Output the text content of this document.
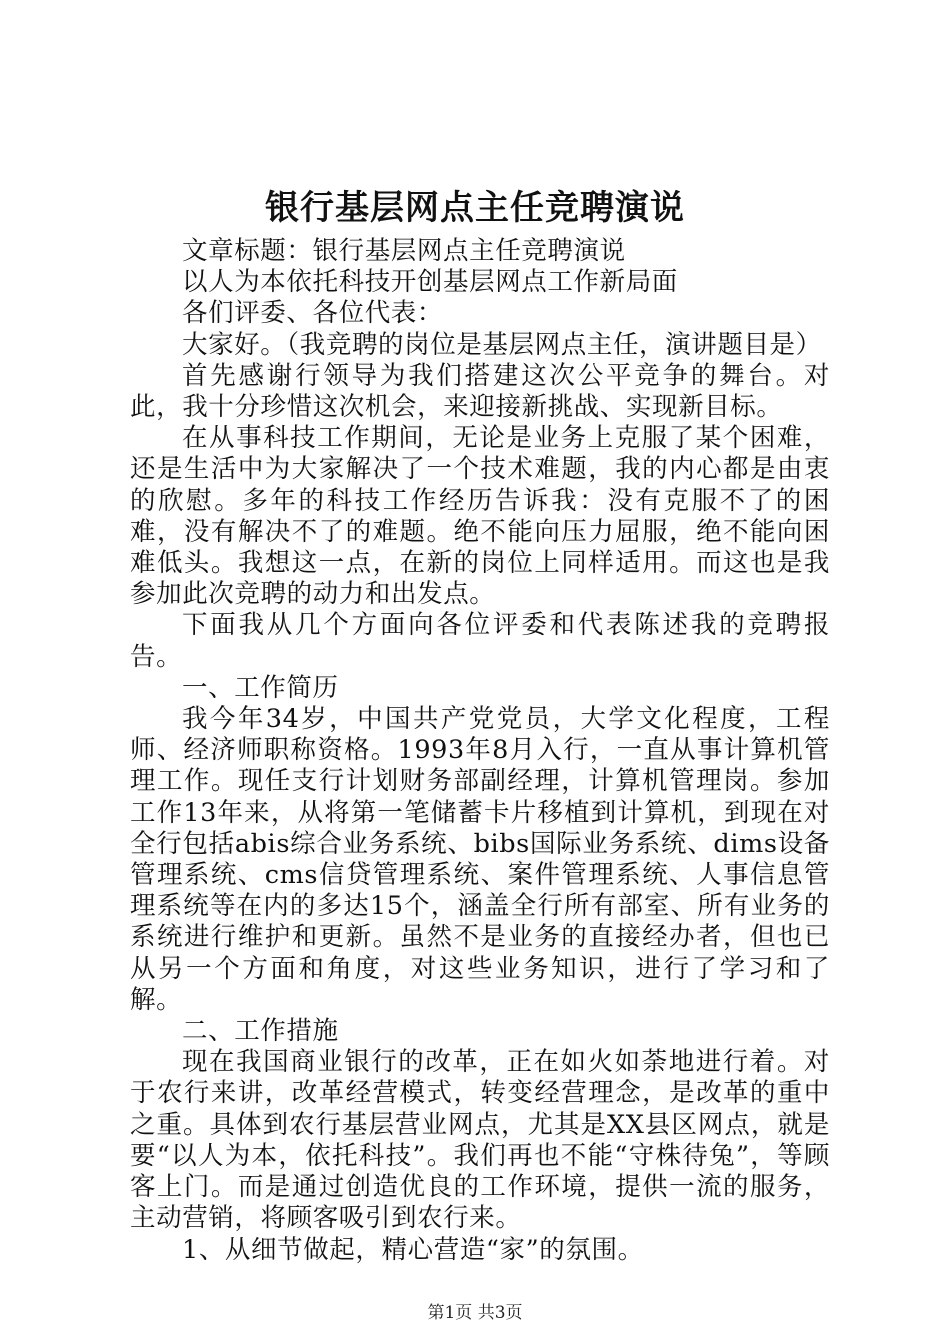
银行基层网点主任竞聘演说

文章标题：银行基层网点主任竞聘演说

以人为本依托科技开创基层网点工作新局面

各们评委、各位代表：

大家好。（我竞聘的岗位是基层网点主任，演讲题目是）

首先感谢行领导为我们搭建这次公平竞争的舞台。对此，我十分珍惜这次机会，来迎接新挑战、实现新目标。

在从事科技工作期间，无论是业务上克服了某个困难，还是生活中为大家解决了一个技术难题，我的内心都是由衷的欣慰。多年的科技工作经历告诉我：没有克服不了的困难，没有解决不了的难题。绝不能向压力屈服，绝不能向困难低头。我想这一点，在新的岗位上同样适用。而这也是我参加此次竞聘的动力和出发点。

下面我从几个方面向各位评委和代表陈述我的竞聘报告。

一、工作简历

我今年34岁，中国共产党党员，大学文化程度，工程师、经济师职称资格。1993年8月入行，一直从事计算机管理工作。现任支行计划财务部副经理，计算机管理岗。参加工作13年来，从将第一笔储蓄卡片移植到计算机，到现在对全行包括abis综合业务系统、bibs国际业务系统、dims设备管理系统、cms信贷管理系统、案件管理系统、人事信息管理系统等在内的多达15个，涵盖全行所有部室、所有业务的系统进行维护和更新。虽然不是业务的直接经办者，但也已从另一个方面和角度，对这些业务知识，进行了学习和了解。

二、工作措施

现在我国商业银行的改革，正在如火如荼地进行着。对于农行来讲，改革经营模式，转变经营理念，是改革的重中之重。具体到农行基层营业网点，尤其是XX县区网点，就是要“以人为本，依托科技”。我们再也不能“守株待兔”，等顾客上门。而是通过创造优良的工作环境，提供一流的服务，主动营销，将顾客吸引到农行来。

1、从细节做起，精心营造“家”的氛围。

第1页 共3页
